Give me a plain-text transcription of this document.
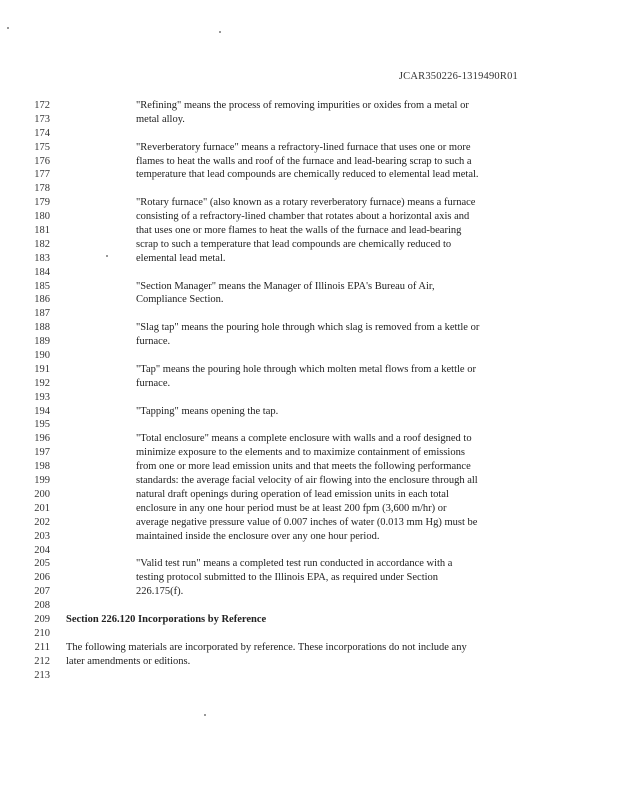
JCAR350226-1319490R01
172	"Refining" means the process of removing impurities or oxides from a metal or
173	metal alloy.
174
175	"Reverberatory furnace" means a refractory-lined furnace that uses one or more
176	flames to heat the walls and roof of the furnace and lead-bearing scrap to such a
177	temperature that lead compounds are chemically reduced to elemental lead metal.
178
179	"Rotary furnace" (also known as a rotary reverberatory furnace) means a furnace
180	consisting of a refractory-lined chamber that rotates about a horizontal axis and
181	that uses one or more flames to heat the walls of the furnace and lead-bearing
182	scrap to such a temperature that lead compounds are chemically reduced to
183	elemental lead metal.
184
185	"Section Manager" means the Manager of Illinois EPA's Bureau of Air,
186	Compliance Section.
187
188	"Slag tap" means the pouring hole through which slag is removed from a kettle or
189	furnace.
190
191	"Tap" means the pouring hole through which molten metal flows from a kettle or
192	furnace.
193
194	"Tapping" means opening the tap.
195
196	"Total enclosure" means a complete enclosure with walls and a roof designed to
197	minimize exposure to the elements and to maximize containment of emissions
198	from one or more lead emission units and that meets the following performance
199	standards: the average facial velocity of air flowing into the enclosure through all
200	natural draft openings during operation of lead emission units in each total
201	enclosure in any one hour period must be at least 200 fpm (3,600 m/hr) or
202	average negative pressure value of 0.007 inches of water (0.013 mm Hg) must be
203	maintained inside the enclosure over any one hour period.
204
205	"Valid test run" means a completed test run conducted in accordance with a
206	testing protocol submitted to the Illinois EPA, as required under Section
207	226.175(f).
208
209 Section 226.120 Incorporations by Reference
210
211 The following materials are incorporated by reference. These incorporations do not include any
212 later amendments or editions.
213
